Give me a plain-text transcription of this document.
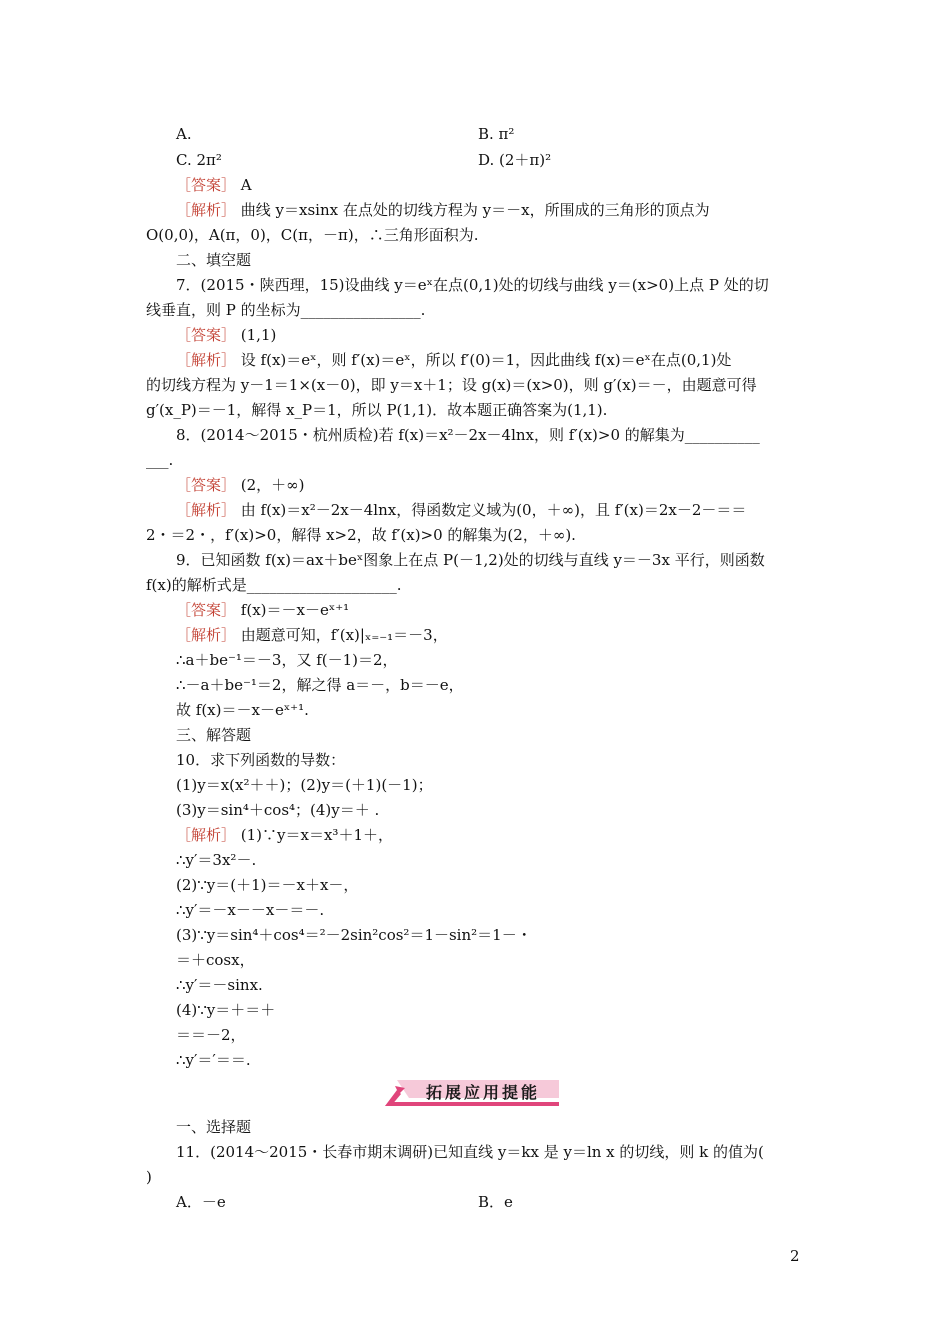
A.	B. π²
C. 2π²	D. (2＋π)²
［答案］ A
［解析］ 曲线 y＝xsinx 在点处的切线方程为 y＝－x，所围成的三角形的顶点为
O(0,0)，A(π，0)，C(π，－π)，∴三角形面积为.
二、填空题
7．(2015・陕西理，15)设曲线 y＝eˣ在点(0,1)处的切线与曲线 y＝(x>0)上点 P 处的切
线垂直，则 P 的坐标为________________.
［答案］ (1,1)
［解析］ 设 f(x)＝eˣ，则 f′(x)＝eˣ，所以 f′(0)＝1，因此曲线 f(x)＝eˣ在点(0,1)处
的切线方程为 y－1＝1×(x－0)，即 y＝x＋1；设 g(x)＝(x>0)，则 g′(x)＝－，由题意可得
g′(x_P)＝－1，解得 x_P＝1，所以 P(1,1)．故本题正确答案为(1,1).
8．(2014～2015・杭州质检)若 f(x)＝x²－2x－4lnx，则 f′(x)>0 的解集为__________
___.
［答案］ (2，＋∞)
［解析］ 由 f(x)＝x²－2x－4lnx，得函数定义域为(0，＋∞)，且 f′(x)＝2x－2－＝＝
2・＝2・，f′(x)>0，解得 x>2，故 f′(x)>0 的解集为(2，＋∞).
9．已知函数 f(x)＝ax＋beˣ图象上在点 P(－1,2)处的切线与直线 y＝－3x 平行，则函数
f(x)的解析式是____________________.
［答案］ f(x)＝－x－eˣ⁺¹
［解析］ 由题意可知，f′(x)|ₓ₌₋₁＝－3，
∴a＋be⁻¹＝－3，又 f(－1)＝2，
∴－a＋be⁻¹＝2，解之得 a＝－，b＝－e，
故 f(x)＝－x－eˣ⁺¹.
三、解答题
10．求下列函数的导数：
(1)y＝x(x²＋＋)；(2)y＝(＋1)(－1)；
(3)y＝sin⁴＋cos⁴；(4)y＝＋ .
［解析］ (1)∵y＝x＝x³＋1＋，
∴y′＝3x²－.
(2)∵y＝(＋1)＝－x＋x－，
∴y′＝－x－－x－＝－.
(3)∵y＝sin⁴＋cos⁴＝²－2sin²cos²＝1－sin²＝1－・
＝＋cosx，
∴y′＝－sinx.
(4)∵y＝＋＝＋
＝＝－2，
∴y′＝′＝＝.
一、选择题
11．(2014～2015・长春市期末调研)已知直线 y＝kx 是 y＝ln x 的切线，则 k 的值为(
)
A．－e	B．e
拓展应用提能
2
